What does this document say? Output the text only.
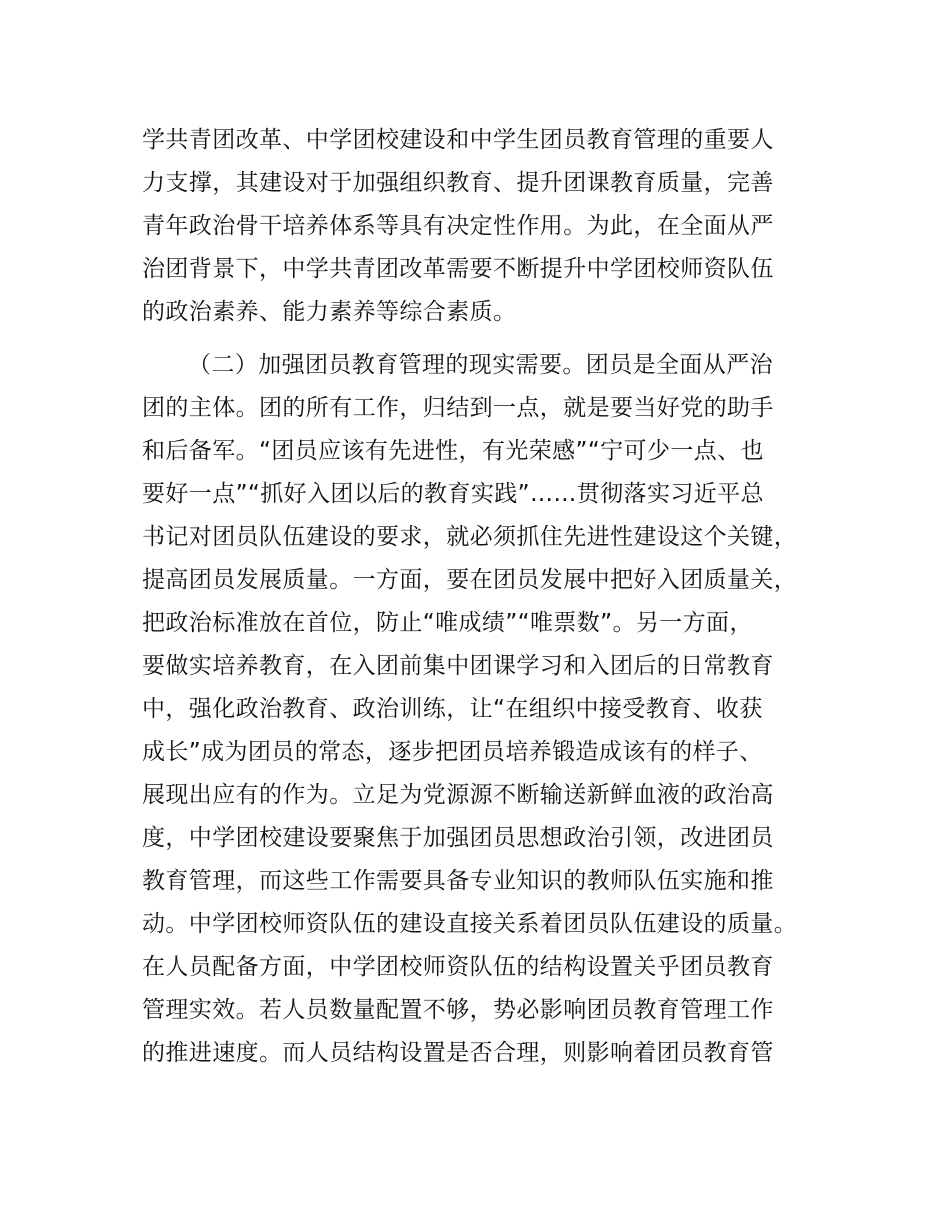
学共青团改革、中学团校建设和中学生团员教育管理的重要人
力支撑，其建设对于加强组织教育、提升团课教育质量，完善
青年政治骨干培养体系等具有决定性作用。为此，在全面从严
治团背景下，中学共青团改革需要不断提升中学团校师资队伍
的政治素养、能力素养等综合素质。
（二）加强团员教育管理的现实需要。团员是全面从严治
团的主体。团的所有工作，归结到一点，就是要当好党的助手
和后备军。“团员应该有先进性，有光荣感”“宁可少一点、也
要好一点”“抓好入团以后的教育实践”……贯彻落实习近平总
书记对团员队伍建设的要求，就必须抓住先进性建设这个关键，
提高团员发展质量。一方面，要在团员发展中把好入团质量关，
把政治标准放在首位，防止“唯成绩”“唯票数”。另一方面，
要做实培养教育，在入团前集中团课学习和入团后的日常教育
中，强化政治教育、政治训练，让“在组织中接受教育、收获
成长”成为团员的常态，逐步把团员培养锻造成该有的样子、
展现出应有的作为。立足为党源源不断输送新鲜血液的政治高
度，中学团校建设要聚焦于加强团员思想政治引领，改进团员
教育管理，而这些工作需要具备专业知识的教师队伍实施和推
动。中学团校师资队伍的建设直接关系着团员队伍建设的质量。
在人员配备方面，中学团校师资队伍的结构设置关乎团员教育
管理实效。若人员数量配置不够，势必影响团员教育管理工作
的推进速度。而人员结构设置是否合理，则影响着团员教育管
